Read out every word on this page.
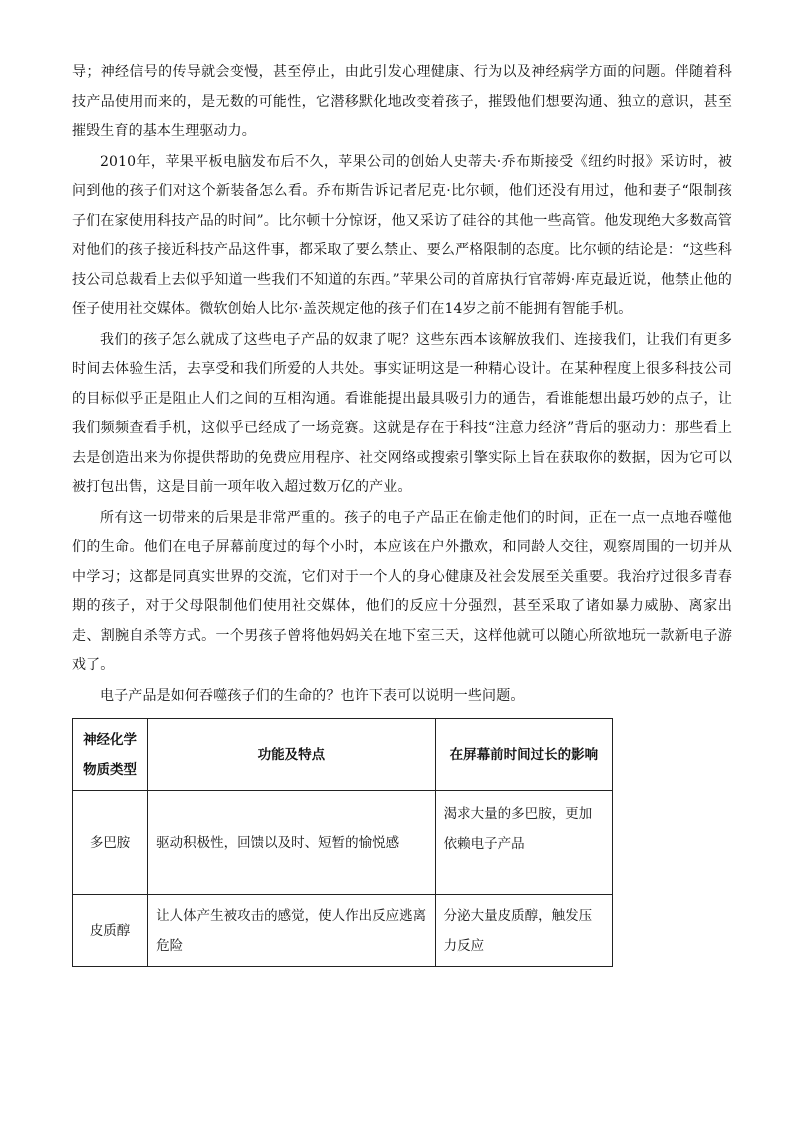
导；神经信号的传导就会变慢，甚至停止，由此引发心理健康、行为以及神经病学方面的问题。伴随着科技产品使用而来的，是无数的可能性，它潜移默化地改变着孩子，摧毁他们想要沟通、独立的意识，甚至摧毁生育的基本生理驱动力。

2010年，苹果平板电脑发布后不久，苹果公司的创始人史蒂夫·乔布斯接受《纽约时报》采访时，被问到他的孩子们对这个新装备怎么看。乔布斯告诉记者尼克·比尔顿，他们还没有用过，他和妻子“限制孩子们在家使用科技产品的时间”。比尔顿十分惊讶，他又采访了硅谷的其他一些高管。他发现绝大多数高管对他们的孩子接近科技产品这件事，都采取了要么禁止、要么严格限制的态度。比尔顿的结论是：“这些科技公司总裁看上去似乎知道一些我们不知道的东西。”苹果公司的首席执行官蒂姆·库克最近说，他禁止他的侄子使用社交媒体。微软创始人比尔·盖茨规定他的孩子们在14岁之前不能拥有智能手机。

我们的孩子怎么就成了这些电子产品的奴隶了呢？这些东西本该解放我们、连接我们，让我们有更多时间去体验生活，去享受和我们所爱的人共处。事实证明这是一种精心设计。在某种程度上很多科技公司的目标似乎正是阻止人们之间的互相沟通。看谁能提出最具吸引力的通告，看谁能想出最巧妙的点子，让我们频频查看手机，这似乎已经成了一场竞赛。这就是存在于科技“注意力经济”背后的驱动力：那些看上去是创造出来为你提供帮助的免费应用程序、社交网络或搜索引擎实际上旨在获取你的数据，因为它可以被打包出售，这是目前一项年收入超过数万亿的产业。

所有这一切带来的后果是非常严重的。孩子的电子产品正在偷走他们的时间，正在一点一点地吞噬他们的生命。他们在电子屏幕前度过的每个小时，本应该在户外撒欢，和同龄人交往，观察周围的一切并从中学习；这都是同真实世界的交流，它们对于一个人的身心健康及社会发展至关重要。我治疗过很多青春期的孩子，对于父母限制他们使用社交媒体，他们的反应十分强烈，甚至采取了诸如暴力威胁、离家出走、割腕自杀等方式。一个男孩子曾将他妈妈关在地下室三天，这样他就可以随心所欲地玩一款新电子游戏了。

电子产品是如何吞噬孩子们的生命的？也许下表可以说明一些问题。

神经化学物质类型	功能及特点	在屏幕前时间过长的影响
多巴胺	驱动积极性，回馈以及时、短暂的愉悦感	渴求大量的多巴胺，更加依赖电子产品
皮质醇	让人体产生被攻击的感觉，使人作出反应逃离危险	分泌大量皮质醇，触发压力反应
